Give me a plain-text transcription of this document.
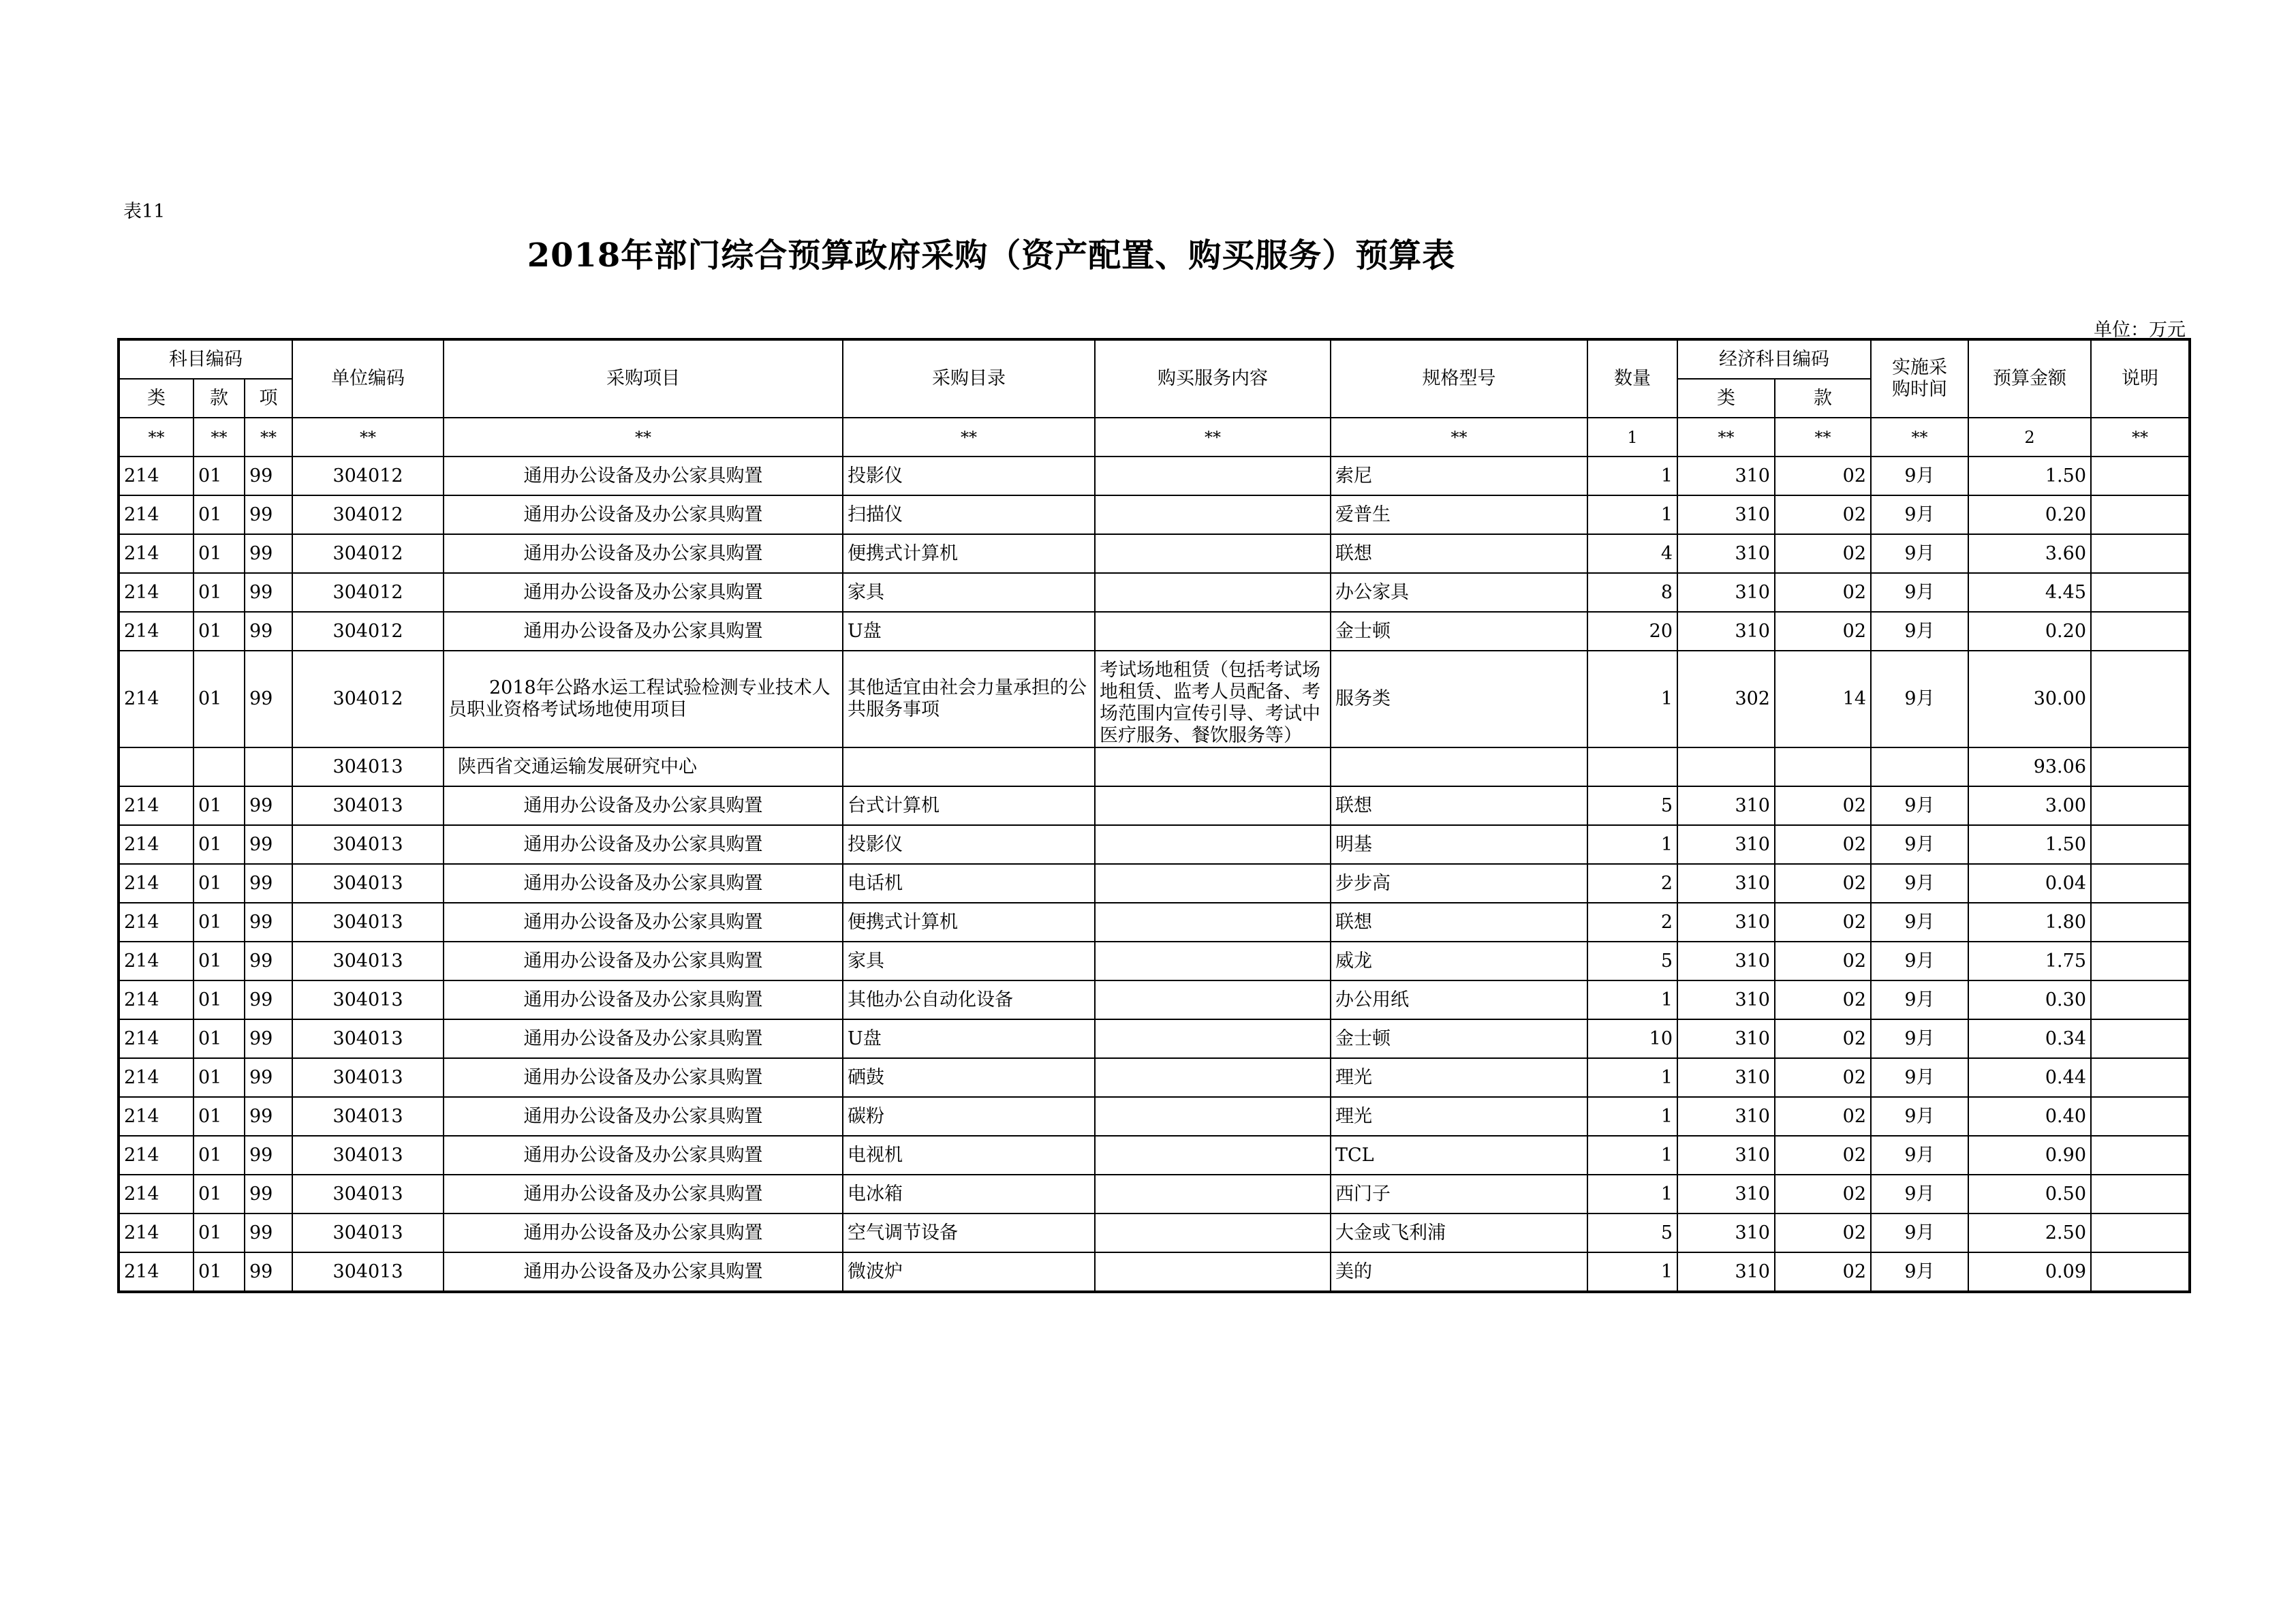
表11
2018年部门综合预算政府采购（资产配置、购买服务）预算表
单位：万元
科目编码			单位编码	采购项目	采购目录	购买服务内容	规格型号	数量	经济科目编码		实施采购时间	预算金额	说明
类	款	项							类	款			
**	**	**	**	**	**	**	**	1	**	**	**	2	**
214	01	99	304012	通用办公设备及办公家具购置	投影仪		索尼	1	310	02	9月	1.50	
214	01	99	304012	通用办公设备及办公家具购置	扫描仪		爱普生	1	310	02	9月	0.20	
214	01	99	304012	通用办公设备及办公家具购置	便携式计算机		联想	4	310	02	9月	3.60	
214	01	99	304012	通用办公设备及办公家具购置	家具		办公家具	8	310	02	9月	4.45	
214	01	99	304012	通用办公设备及办公家具购置	U盘		金士顿	20	310	02	9月	0.20	
214	01	99	304012	2018年公路水运工程试验检测专业技术人员职业资格考试场地使用项目	其他适宜由社会力量承担的公共服务事项	考试场地租赁（包括考试场地租赁、监考人员配备、考场范围内宣传引导、考试中医疗服务、餐饮服务等）	服务类	1	302	14	9月	30.00	
			304013	陕西省交通运输发展研究中心								93.06	
214	01	99	304013	通用办公设备及办公家具购置	台式计算机		联想	5	310	02	9月	3.00	
214	01	99	304013	通用办公设备及办公家具购置	投影仪		明基	1	310	02	9月	1.50	
214	01	99	304013	通用办公设备及办公家具购置	电话机		步步高	2	310	02	9月	0.04	
214	01	99	304013	通用办公设备及办公家具购置	便携式计算机		联想	2	310	02	9月	1.80	
214	01	99	304013	通用办公设备及办公家具购置	家具		威龙	5	310	02	9月	1.75	
214	01	99	304013	通用办公设备及办公家具购置	其他办公自动化设备		办公用纸	1	310	02	9月	0.30	
214	01	99	304013	通用办公设备及办公家具购置	U盘		金士顿	10	310	02	9月	0.34	
214	01	99	304013	通用办公设备及办公家具购置	硒鼓		理光	1	310	02	9月	0.44	
214	01	99	304013	通用办公设备及办公家具购置	碳粉		理光	1	310	02	9月	0.40	
214	01	99	304013	通用办公设备及办公家具购置	电视机		TCL	1	310	02	9月	0.90	
214	01	99	304013	通用办公设备及办公家具购置	电冰箱		西门子	1	310	02	9月	0.50	
214	01	99	304013	通用办公设备及办公家具购置	空气调节设备		大金或飞利浦	5	310	02	9月	2.50	
214	01	99	304013	通用办公设备及办公家具购置	微波炉		美的	1	310	02	9月	0.09	
